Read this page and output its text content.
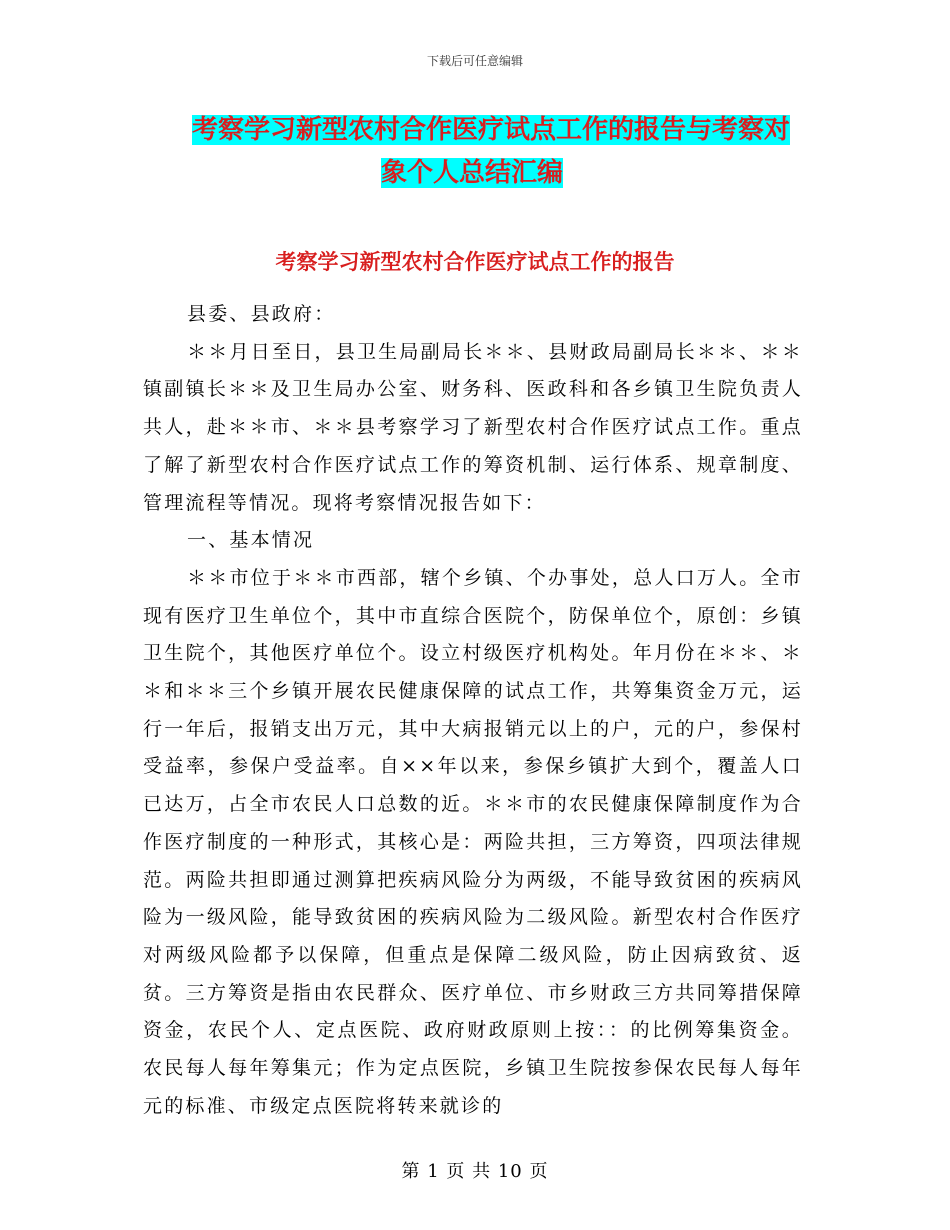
下载后可任意编辑
考察学习新型农村合作医疗试点工作的报告与考察对
象个人总结汇编
考察学习新型农村合作医疗试点工作的报告

县委、县政府：

＊＊月日至日，县卫生局副局长＊＊、县财政局副局长＊＊、＊＊镇副镇长＊＊及卫生局办公室、财务科、医政科和各乡镇卫生院负责人共人，赴＊＊市、＊＊县考察学习了新型农村合作医疗试点工作。重点了解了新型农村合作医疗试点工作的筹资机制、运行体系、规章制度、管理流程等情况。现将考察情况报告如下：

一、基本情况

＊＊市位于＊＊市西部，辖个乡镇、个办事处，总人口万人。全市现有医疗卫生单位个，其中市直综合医院个，防保单位个，原创：乡镇卫生院个，其他医疗单位个。设立村级医疗机构处。年月份在＊＊、＊＊和＊＊三个乡镇开展农民健康保障的试点工作，共筹集资金万元，运行一年后，报销支出万元，其中大病报销元以上的户，元的户，参保村受益率，参保户受益率。自××年以来，参保乡镇扩大到个，覆盖人口已达万，占全市农民人口总数的近。＊＊市的农民健康保障制度作为合作医疗制度的一种形式，其核心是：两险共担，三方筹资，四项法律规范。两险共担即通过测算把疾病风险分为两级，不能导致贫困的疾病风险为一级风险，能导致贫困的疾病风险为二级风险。新型农村合作医疗对两级风险都予以保障，但重点是保障二级风险，防止因病致贫、返贫。三方筹资是指由农民群众、医疗单位、市乡财政三方共同筹措保障资金，农民个人、定点医院、政府财政原则上按：：的比例筹集资金。农民每人每年筹集元；作为定点医院，乡镇卫生院按参保农民每人每年元的标准、市级定点医院将转来就诊的

第 1 页 共 10 页
